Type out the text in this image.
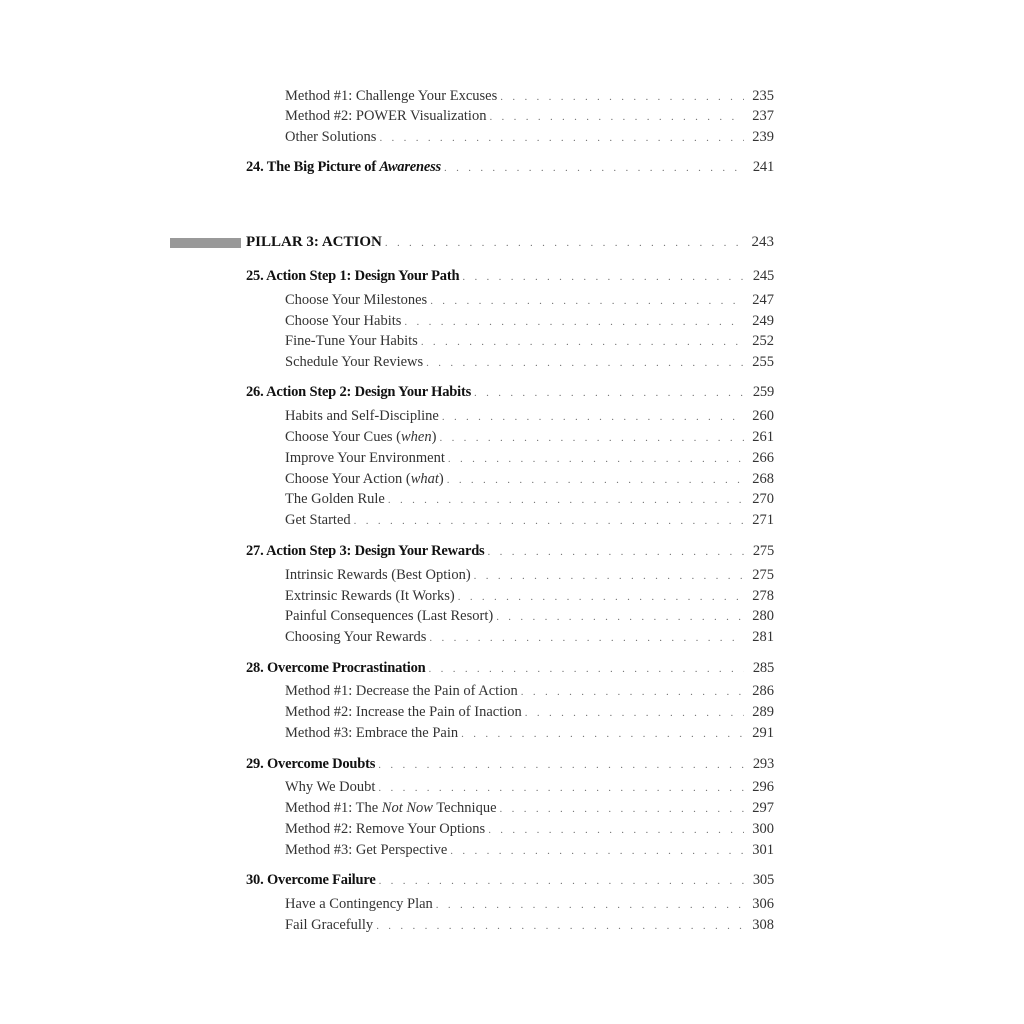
Method #1: Challenge Your Excuses . . .	235
Method #2: POWER Visualization . . .	237
Other Solutions . . .	239
24. The Big Picture of Awareness . . .	241
PILLAR 3: ACTION . . .	243
25. Action Step 1: Design Your Path . . .	245
Choose Your Milestones . . .	247
Choose Your Habits . . .	249
Fine-Tune Your Habits . . .	252
Schedule Your Reviews . . .	255
26. Action Step 2: Design Your Habits . . .	259
Habits and Self-Discipline . . .	260
Choose Your Cues (when) . . .	261
Improve Your Environment . . .	266
Choose Your Action (what) . . .	268
The Golden Rule . . .	270
Get Started . . .	271
27. Action Step 3: Design Your Rewards . . .	275
Intrinsic Rewards (Best Option) . . .	275
Extrinsic Rewards (It Works) . . .	278
Painful Consequences (Last Resort) . . .	280
Choosing Your Rewards . . .	281
28. Overcome Procrastination . . .	285
Method #1: Decrease the Pain of Action . . .	286
Method #2: Increase the Pain of Inaction . . .	289
Method #3: Embrace the Pain . . .	291
29. Overcome Doubts . . .	293
Why We Doubt . . .	296
Method #1: The Not Now Technique . . .	297
Method #2: Remove Your Options . . .	300
Method #3: Get Perspective . . .	301
30. Overcome Failure . . .	305
Have a Contingency Plan . . .	306
Fail Gracefully . . .	308
